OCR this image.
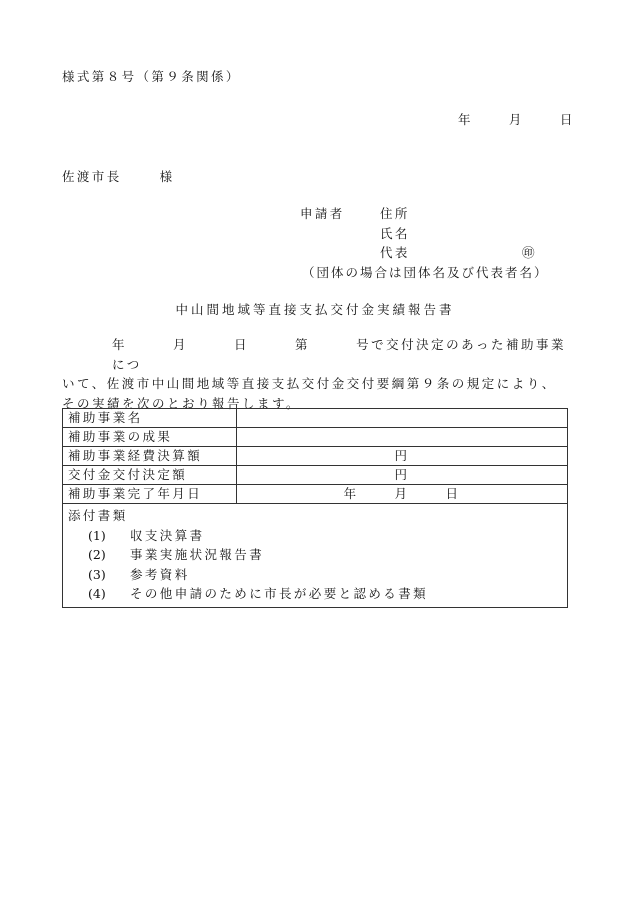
様式第８号（第９条関係）
年	月	日
佐渡市長	様
申請者	住所
氏名
代表	㊞
（団体の場合は団体名及び代表者名）
中山間地域等直接支払交付金実績報告書
年	月	日	第	号で交付決定のあった補助事業につ
いて、佐渡市中山間地域等直接支払交付金交付要綱第９条の規定により、
その実績を次のとおり報告します。
補助事業名	
補助事業の成果	
補助事業経費決算額	円
交付金交付決定額	円
補助事業完了年月日	年 月 日

添付書類
(1) 収支決算書
(2) 事業実施状況報告書
(3) 参考資料
(4) その他申請のために市長が必要と認める書類	
